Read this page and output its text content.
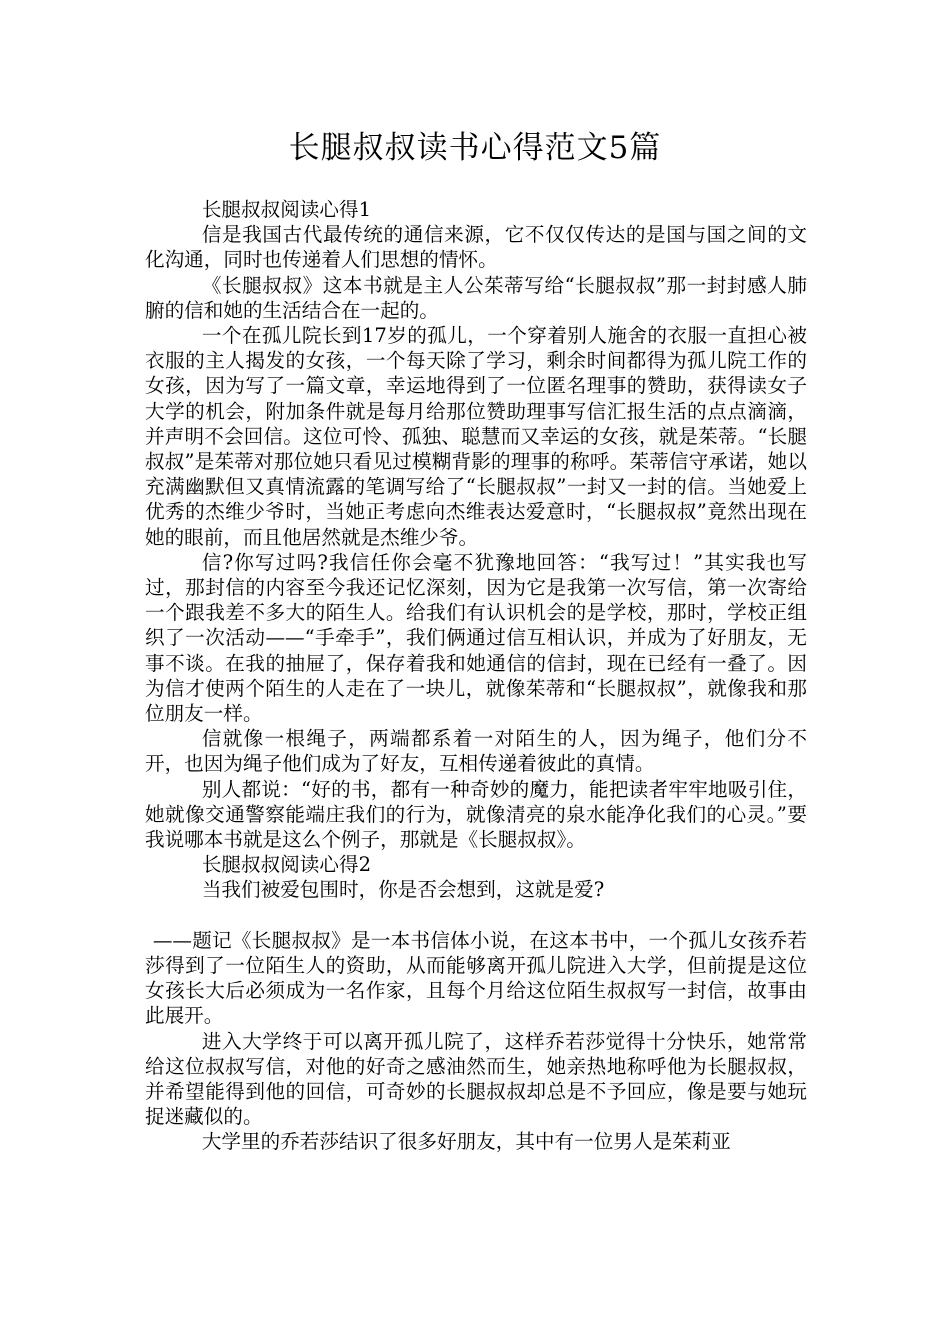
长腿叔叔读书心得范文5篇

长腿叔叔阅读心得1

信是我国古代最传统的通信来源，它不仅仅传达的是国与国之间的文化沟通，同时也传递着人们思想的情怀。

《长腿叔叔》这本书就是主人公茱蒂写给“长腿叔叔”那一封封感人肺腑的信和她的生活结合在一起的。

一个在孤儿院长到17岁的孤儿，一个穿着别人施舍的衣服一直担心被衣服的主人揭发的女孩，一个每天除了学习，剩余时间都得为孤儿院工作的女孩，因为写了一篇文章，幸运地得到了一位匿名理事的赞助，获得读女子大学的机会，附加条件就是每月给那位赞助理事写信汇报生活的点点滴滴，并声明不会回信。这位可怜、孤独、聪慧而又幸运的女孩，就是茱蒂。“长腿叔叔”是茱蒂对那位她只看见过模糊背影的理事的称呼。茱蒂信守承诺，她以充满幽默但又真情流露的笔调写给了“长腿叔叔”一封又一封的信。当她爱上优秀的杰维少爷时，当她正考虑向杰维表达爱意时，“长腿叔叔”竟然出现在她的眼前，而且他居然就是杰维少爷。

信?你写过吗?我信任你会毫不犹豫地回答：“我写过！”其实我也写过，那封信的内容至今我还记忆深刻，因为它是我第一次写信，第一次寄给一个跟我差不多大的陌生人。给我们有认识机会的是学校，那时，学校正组织了一次活动——“手牵手”，我们俩通过信互相认识，并成为了好朋友，无事不谈。在我的抽屉了，保存着我和她通信的信封，现在已经有一叠了。因为信才使两个陌生的人走在了一块儿，就像茱蒂和“长腿叔叔”，就像我和那位朋友一样。

信就像一根绳子，两端都系着一对陌生的人，因为绳子，他们分不开，也因为绳子他们成为了好友，互相传递着彼此的真情。

别人都说：“好的书，都有一种奇妙的魔力，能把读者牢牢地吸引住，她就像交通警察能端庄我们的行为，就像清亮的泉水能净化我们的心灵。”要我说哪本书就是这么个例子，那就是《长腿叔叔》。

长腿叔叔阅读心得2

当我们被爱包围时，你是否会想到，这就是爱?

——题记《长腿叔叔》是一本书信体小说，在这本书中，一个孤儿女孩乔若莎得到了一位陌生人的资助，从而能够离开孤儿院进入大学，但前提是这位女孩长大后必须成为一名作家，且每个月给这位陌生叔叔写一封信，故事由此展开。

进入大学终于可以离开孤儿院了，这样乔若莎觉得十分快乐，她常常给这位叔叔写信，对他的好奇之感油然而生，她亲热地称呼他为长腿叔叔，并希望能得到他的回信，可奇妙的长腿叔叔却总是不予回应，像是要与她玩捉迷藏似的。

大学里的乔若莎结识了很多好朋友，其中有一位男人是茱莉亚
